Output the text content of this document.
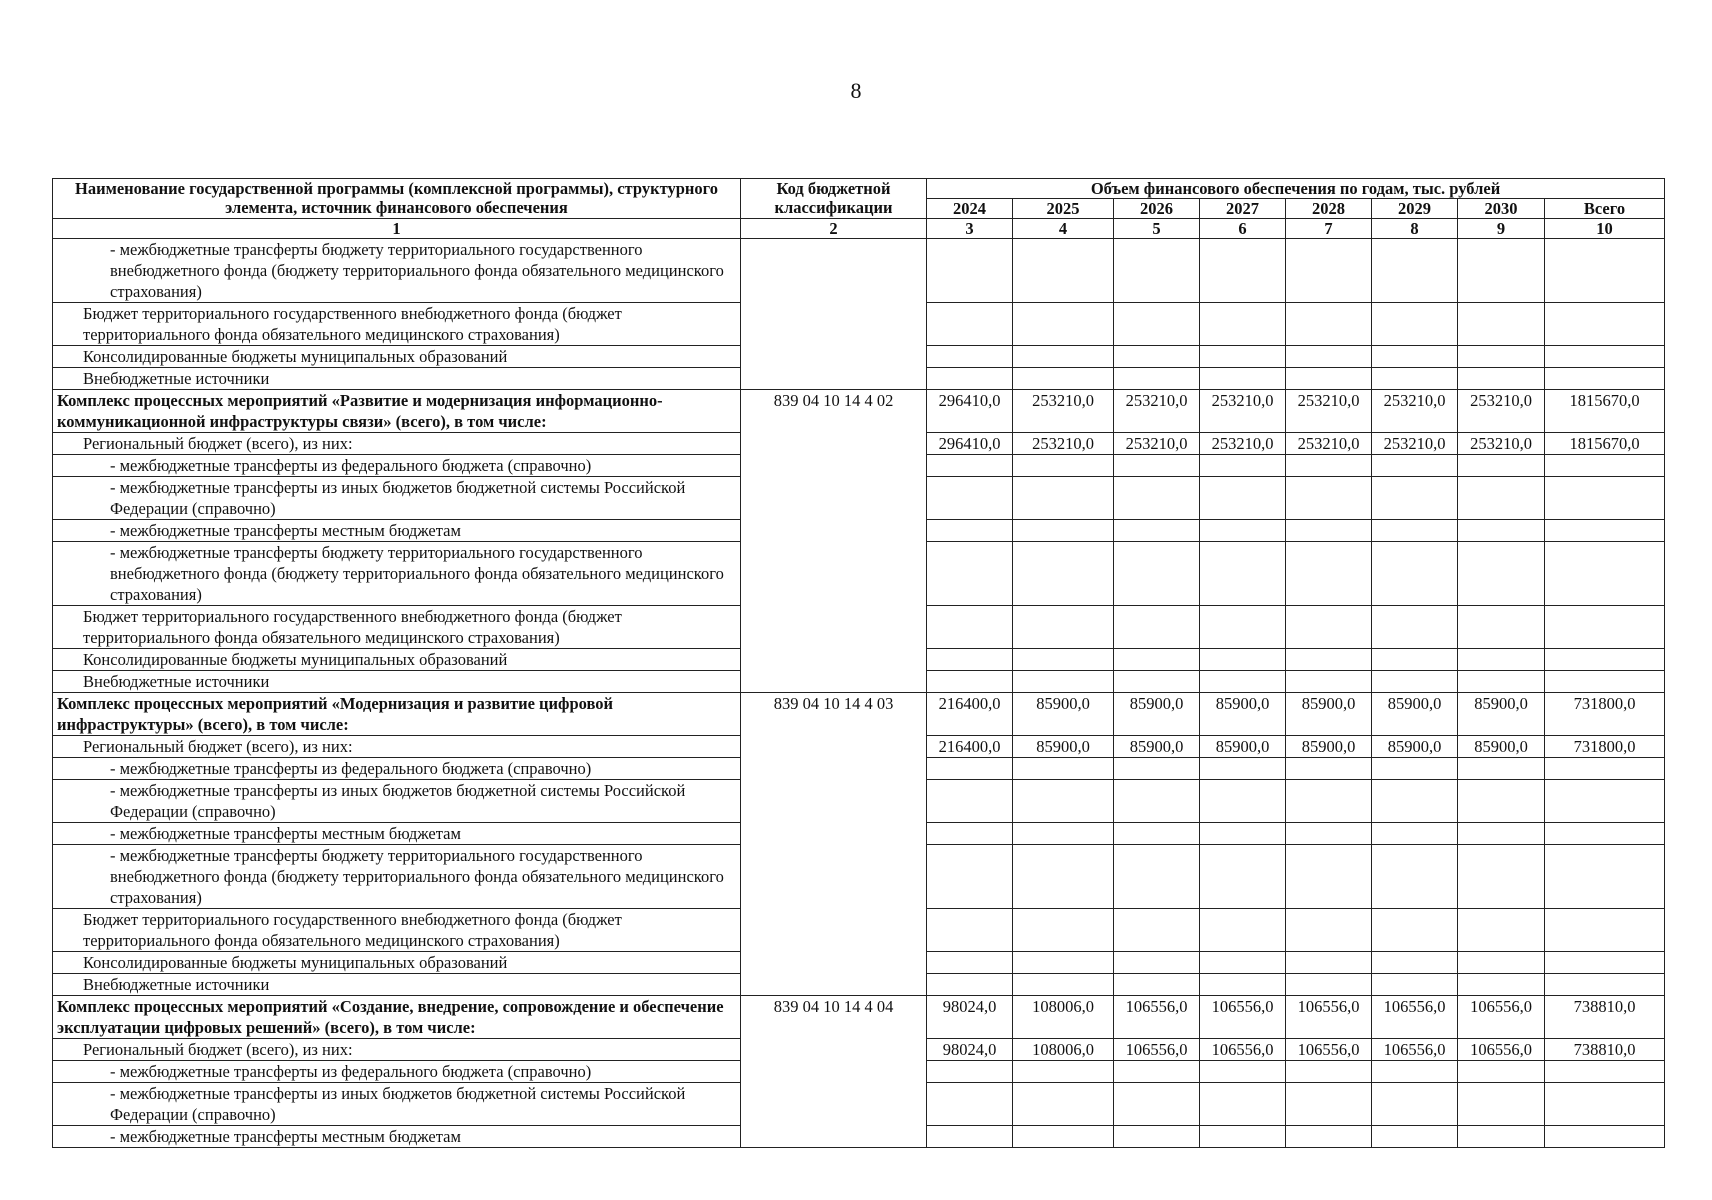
8
Наименование государственной программы (комплексной программы), структурного элемента, источник финансового обеспечения	Код бюджетной классификации	Объем финансового обеспечения по годам, тыс. рублей							
		2024	2025	2026	2027	2028	2029	2030	Всего
1	2	3	4	5	6	7	8	9	10
- межбюджетные трансферты бюджету территориального государственного внебюджетного фонда (бюджету территориального фонда обязательного медицинского страхования)									
Бюджет территориального государственного внебюджетного фонда (бюджет территориального фонда обязательного медицинского страхования)									
Консолидированные бюджеты муниципальных образований									
Внебюджетные источники									
Комплекс процессных мероприятий «Развитие и модернизация информационно-коммуникационной инфраструктуры связи» (всего), в том числе:	839 04 10 14 4 02	296410,0	253210,0	253210,0	253210,0	253210,0	253210,0	253210,0	1815670,0
Региональный бюджет (всего), из них:		296410,0	253210,0	253210,0	253210,0	253210,0	253210,0	253210,0	1815670,0
- межбюджетные трансферты из федерального бюджета (справочно)									
- межбюджетные трансферты из иных бюджетов бюджетной системы Российской Федерации (справочно)									
- межбюджетные трансферты местным бюджетам									
- межбюджетные трансферты бюджету территориального государственного внебюджетного фонда (бюджету территориального фонда обязательного медицинского страхования)									
Бюджет территориального государственного внебюджетного фонда (бюджет территориального фонда обязательного медицинского страхования)									
Консолидированные бюджеты муниципальных образований									
Внебюджетные источники									
Комплекс процессных мероприятий «Модернизация и развитие цифровой инфраструктуры» (всего), в том числе:	839 04 10 14 4 03	216400,0	85900,0	85900,0	85900,0	85900,0	85900,0	85900,0	731800,0
Региональный бюджет (всего), из них:		216400,0	85900,0	85900,0	85900,0	85900,0	85900,0	85900,0	731800,0
- межбюджетные трансферты из федерального бюджета (справочно)									
- межбюджетные трансферты из иных бюджетов бюджетной системы Российской Федерации (справочно)									
- межбюджетные трансферты местным бюджетам									
- межбюджетные трансферты бюджету территориального государственного внебюджетного фонда (бюджету территориального фонда обязательного медицинского страхования)									
Бюджет территориального государственного внебюджетного фонда (бюджет территориального фонда обязательного медицинского страхования)									
Консолидированные бюджеты муниципальных образований									
Внебюджетные источники									
Комплекс процессных мероприятий «Создание, внедрение, сопровождение и обеспечение эксплуатации цифровых решений» (всего), в том числе:	839 04 10 14 4 04	98024,0	108006,0	106556,0	106556,0	106556,0	106556,0	106556,0	738810,0
Региональный бюджет (всего), из них:		98024,0	108006,0	106556,0	106556,0	106556,0	106556,0	106556,0	738810,0
- межбюджетные трансферты из федерального бюджета (справочно)									
- межбюджетные трансферты из иных бюджетов бюджетной системы Российской Федерации (справочно)									
- межбюджетные трансферты местным бюджетам									
